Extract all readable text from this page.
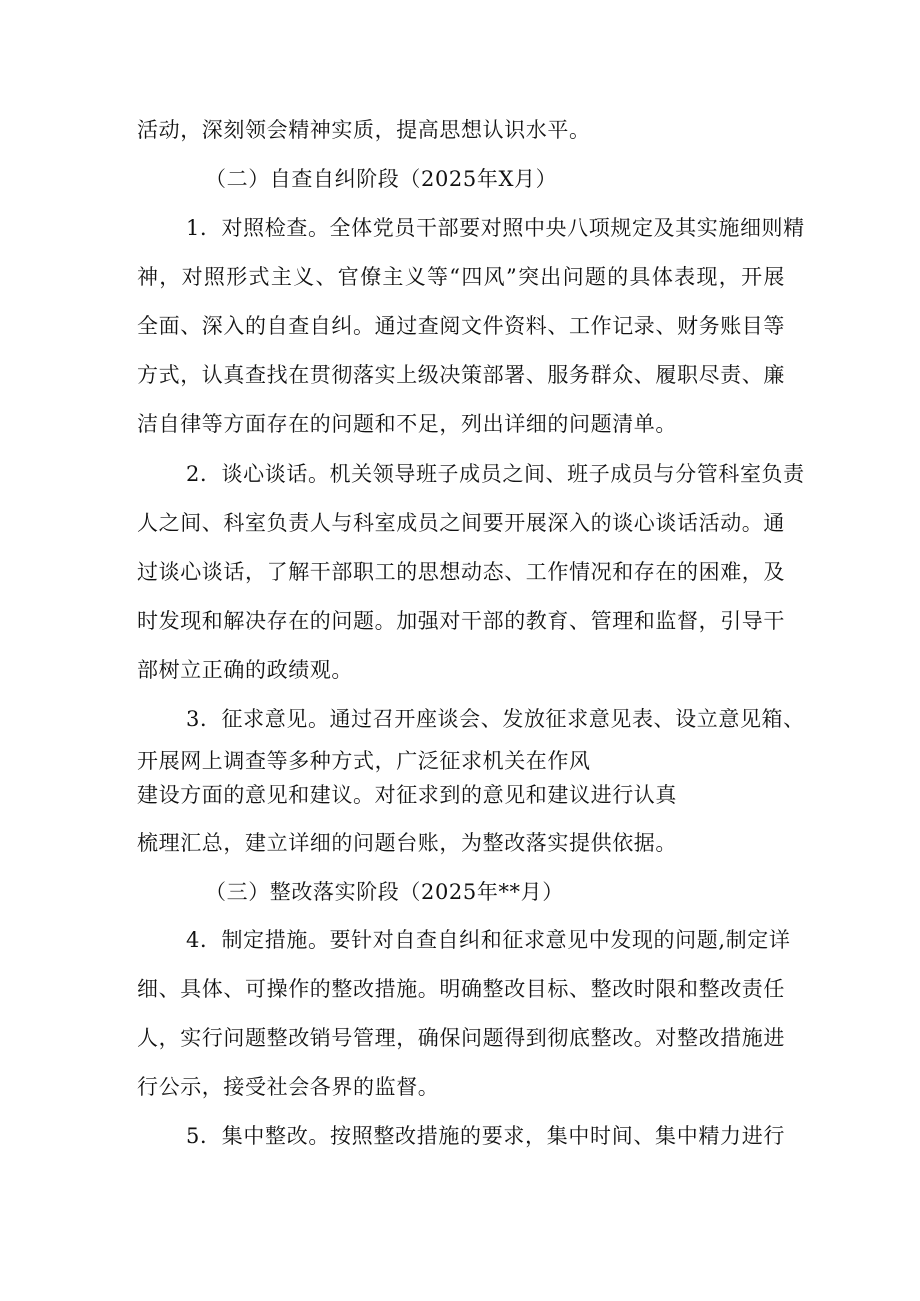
活动，深刻领会精神实质，提高思想认识水平。
（二）自查自纠阶段（2025年X月）
1．对照检查。全体党员干部要对照中央八项规定及其实施细则精
神，对照形式主义、官僚主义等“四风”突出问题的具体表现，开展
全面、深入的自查自纠。通过查阅文件资料、工作记录、财务账目等
方式，认真查找在贯彻落实上级决策部署、服务群众、履职尽责、廉
洁自律等方面存在的问题和不足，列出详细的问题清单。
2．谈心谈话。机关领导班子成员之间、班子成员与分管科室负责
人之间、科室负责人与科室成员之间要开展深入的谈心谈话活动。通
过谈心谈话，了解干部职工的思想动态、工作情况和存在的困难，及
时发现和解决存在的问题。加强对干部的教育、管理和监督，引导干
部树立正确的政绩观。
3．征求意见。通过召开座谈会、发放征求意见表、设立意见箱、
开展网上调查等多种方式，广泛征求机关在作风
建设方面的意见和建议。对征求到的意见和建议进行认真
梳理汇总，建立详细的问题台账，为整改落实提供依据。
（三）整改落实阶段（2025年**月）
4．制定措施。要针对自查自纠和征求意见中发现的问题,制定详
细、具体、可操作的整改措施。明确整改目标、整改时限和整改责任
人，实行问题整改销号管理，确保问题得到彻底整改。对整改措施进
行公示，接受社会各界的监督。
5．集中整改。按照整改措施的要求，集中时间、集中精力进行
